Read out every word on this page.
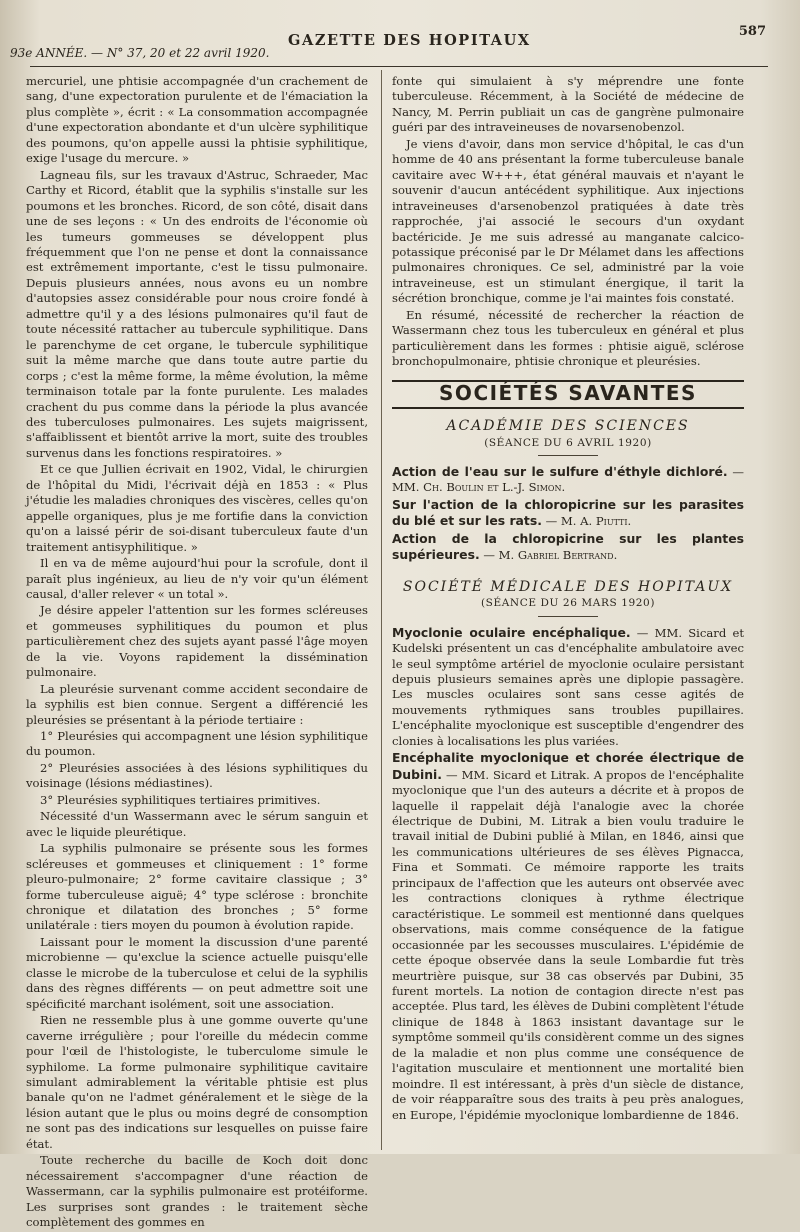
93e ANNÉE. — N° 37, 20 et 22 avril 1920.
GAZETTE DES HOPITAUX
587

mercuriel, une phtisie accompagnée d'un crachement de sang, d'une expectoration purulente et de l'émaciation la plus complète », écrit : « La consommation accompagnée d'une expectoration abondante et d'un ulcère syphilitique des poumons, qu'on appelle aussi la phtisie syphilitique, exige l'usage du mercure. »

Lagneau fils, sur les travaux d'Astruc, Schraeder, Mac Carthy et Ricord, établit que la syphilis s'installe sur les poumons et les bronches. Ricord, de son côté, disait dans une de ses leçons : « Un des endroits de l'économie où les tumeurs gommeuses se développent plus fréquemment que l'on ne pense et dont la connaissance est extrêmement importante, c'est le tissu pulmonaire. Depuis plusieurs années, nous avons eu un nombre d'autopsies assez considérable pour nous croire fondé à admettre qu'il y a des lésions pulmonaires qu'il faut de toute nécessité rattacher au tubercule syphilitique. Dans le parenchyme de cet organe, le tubercule syphilitique suit la même marche que dans toute autre partie du corps ; c'est la même forme, la même évolution, la même terminaison totale par la fonte purulente. Les malades crachent du pus comme dans la période la plus avancée des tuberculoses pulmonaires. Les sujets maigrissent, s'affaiblissent et bientôt arrive la mort, suite des troubles survenus dans les fonctions respiratoires. »

Et ce que Jullien écrivait en 1902, Vidal, le chirurgien de l'hôpital du Midi, l'écrivait déjà en 1853 : « Plus j'étudie les maladies chroniques des viscères, celles qu'on appelle organiques, plus je me fortifie dans la conviction qu'on a laissé périr de soi-disant tuberculeux faute d'un traitement antisyphilitique. »

Il en va de même aujourd'hui pour la scrofule, dont il paraît plus ingénieux, au lieu de n'y voir qu'un élément causal, d'aller relever « un total ».

Je désire appeler l'attention sur les formes scléreuses et gommeuses syphilitiques du poumon et plus particulièrement chez des sujets ayant passé l'âge moyen de la vie. Voyons rapidement la dissémination pulmonaire.

La pleurésie survenant comme accident secondaire de la syphilis est bien connue. Sergent a différencié les pleurésies se présentant à la période tertiaire :

1° Pleurésies qui accompagnent une lésion syphilitique du poumon.

2° Pleurésies associées à des lésions syphilitiques du voisinage (lésions médiastines).

3° Pleurésies syphilitiques tertiaires primitives.

Nécessité d'un Wassermann avec le sérum sanguin et avec le liquide pleurétique.

La syphilis pulmonaire se présente sous les formes scléreuses et gommeuses et cliniquement : 1° forme pleuro-pulmonaire; 2° forme cavitaire classique ; 3° forme tuberculeuse aiguë; 4° type sclérose : bronchite chronique et dilatation des bronches ; 5° forme unilatérale : tiers moyen du poumon à évolution rapide.

Laissant pour le moment la discussion d'une parenté microbienne — qu'exclue la science actuelle puisqu'elle classe le microbe de la tuberculose et celui de la syphilis dans des règnes différents — on peut admettre soit une spécificité marchant isolément, soit une association.

Rien ne ressemble plus à une gomme ouverte qu'une caverne irrégulière ; pour l'oreille du médecin comme pour l'œil de l'histologiste, le tuberculome simule le syphilome. La forme pulmonaire syphilitique cavitaire simulant admirablement la véritable phtisie est plus banale qu'on ne l'admet généralement et le siège de la lésion autant que le plus ou moins degré de consomption ne sont pas des indications sur lesquelles on puisse faire état.

Toute recherche du bacille de Koch doit donc nécessairement s'accompagner d'une réaction de Wassermann, car la syphilis pulmonaire est protéiforme. Les surprises sont grandes : le traitement sèche complètement des gommes en

fonte qui simulaient à s'y méprendre une fonte tuberculeuse. Récemment, à la Société de médecine de Nancy, M. Perrin publiait un cas de gangrène pulmonaire guéri par des intraveineuses de novarsenobenzol.

Je viens d'avoir, dans mon service d'hôpital, le cas d'un homme de 40 ans présentant la forme tuberculeuse banale cavitaire avec W+++, état général mauvais et n'ayant le souvenir d'aucun antécédent syphilitique. Aux injections intraveineuses d'arsenobenzol pratiquées à date très rapprochée, j'ai associé le secours d'un oxydant bactéricide. Je me suis adressé au manganate calcico-potassique préconisé par le Dr Mélamet dans les affections pulmonaires chroniques. Ce sel, administré par la voie intraveineuse, est un stimulant énergique, il tarit la sécrétion bronchique, comme je l'ai maintes fois constaté.

En résumé, nécessité de rechercher la réaction de Wassermann chez tous les tuberculeux en général et plus particulièrement dans les formes : phtisie aiguë, sclérose bronchopulmonaire, phtisie chronique et pleurésies.

SOCIÉTÉS SAVANTES
ACADÉMIE DES SCIENCES
(SÉANCE DU 6 AVRIL 1920)

Action de l'eau sur le sulfure d'éthyle dichloré. — MM. Ch. Boulin et L.-J. Simon.

Sur l'action de la chloropicrine sur les parasites du blé et sur les rats. — M. A. Piutti.

Action de la chloropicrine sur les plantes supérieures. — M. Gabriel Bertrand.

SOCIÉTÉ MÉDICALE DES HOPITAUX
(SÉANCE DU 26 MARS 1920)

Myoclonie oculaire encéphalique. — MM. Sicard et Kudelski présentent un cas d'encéphalite ambulatoire avec le seul symptôme artériel de myoclonie oculaire persistant depuis plusieurs semaines après une diplopie passagère. Les muscles oculaires sont sans cesse agités de mouvements rythmiques sans troubles pupillaires. L'encéphalite myoclonique est susceptible d'engendrer des clonies à localisations les plus variées.

Encéphalite myoclonique et chorée électrique de Dubini. — MM. Sicard et Litrak. A propos de l'encéphalite myoclonique que l'un des auteurs a décrite et à propos de laquelle il rappelait déjà l'analogie avec la chorée électrique de Dubini, M. Litrak a bien voulu traduire le travail initial de Dubini publié à Milan, en 1846, ainsi que les communications ultérieures de ses élèves Pignacca, Fina et Sommati. Ce mémoire rapporte les traits principaux de l'affection que les auteurs ont observée avec les contractions cloniques à rythme électrique caractéristique. Le sommeil est mentionné dans quelques observations, mais comme conséquence de la fatigue occasionnée par les secousses musculaires. L'épidémie de cette époque observée dans la seule Lombardie fut très meurtrière puisque, sur 38 cas observés par Dubini, 35 furent mortels. La notion de contagion directe n'est pas acceptée. Plus tard, les élèves de Dubini complètent l'étude clinique de 1848 à 1863 insistant davantage sur le symptôme sommeil qu'ils considèrent comme un des signes de la maladie et non plus comme une conséquence de l'agitation musculaire et mentionnent une mortalité bien moindre. Il est intéressant, à près d'un siècle de distance, de voir réapparaître sous des traits à peu près analogues, en Europe, l'épidémie myoclonique lombardienne de 1846.
